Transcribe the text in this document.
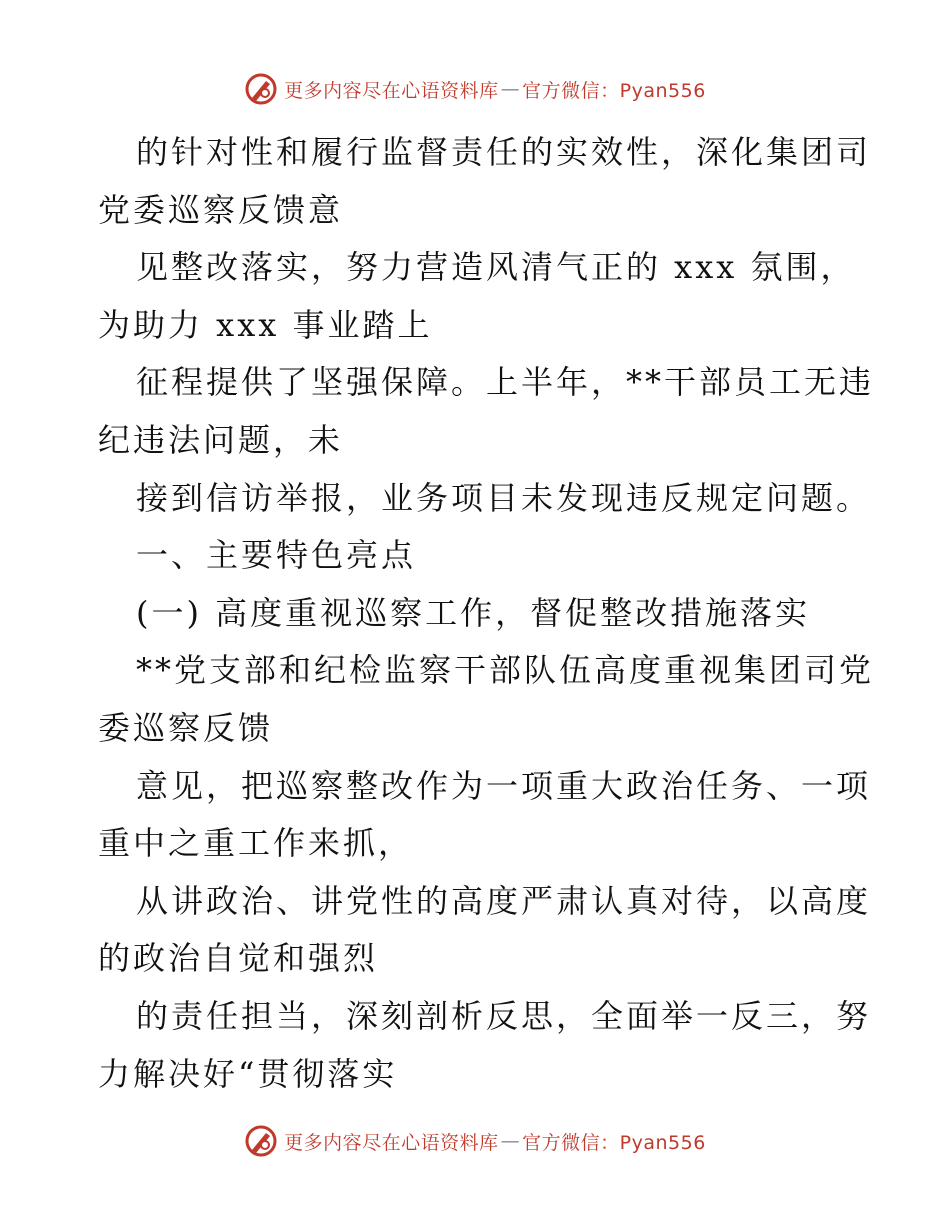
更多内容尽在心语资料库 — 官方微信：Pyan556
的针对性和履行监督责任的实效性，深化集团司
党委巡察反馈意
见整改落实，努力营造风清气正的 xxx 氛围，
为助力 xxx 事业踏上
征程提供了坚强保障。上半年，**干部员工无违
纪违法问题，未
接到信访举报，业务项目未发现违反规定问题。
一、主要特色亮点
(一) 高度重视巡察工作，督促整改措施落实
**党支部和纪检监察干部队伍高度重视集团司党
委巡察反馈
意见，把巡察整改作为一项重大政治任务、一项
重中之重工作来抓，
从讲政治、讲党性的高度严肃认真对待，以高度
的政治自觉和强烈
的责任担当，深刻剖析反思，全面举一反三，努
力解决好“贯彻落实
更多内容尽在心语资料库 — 官方微信：Pyan556
